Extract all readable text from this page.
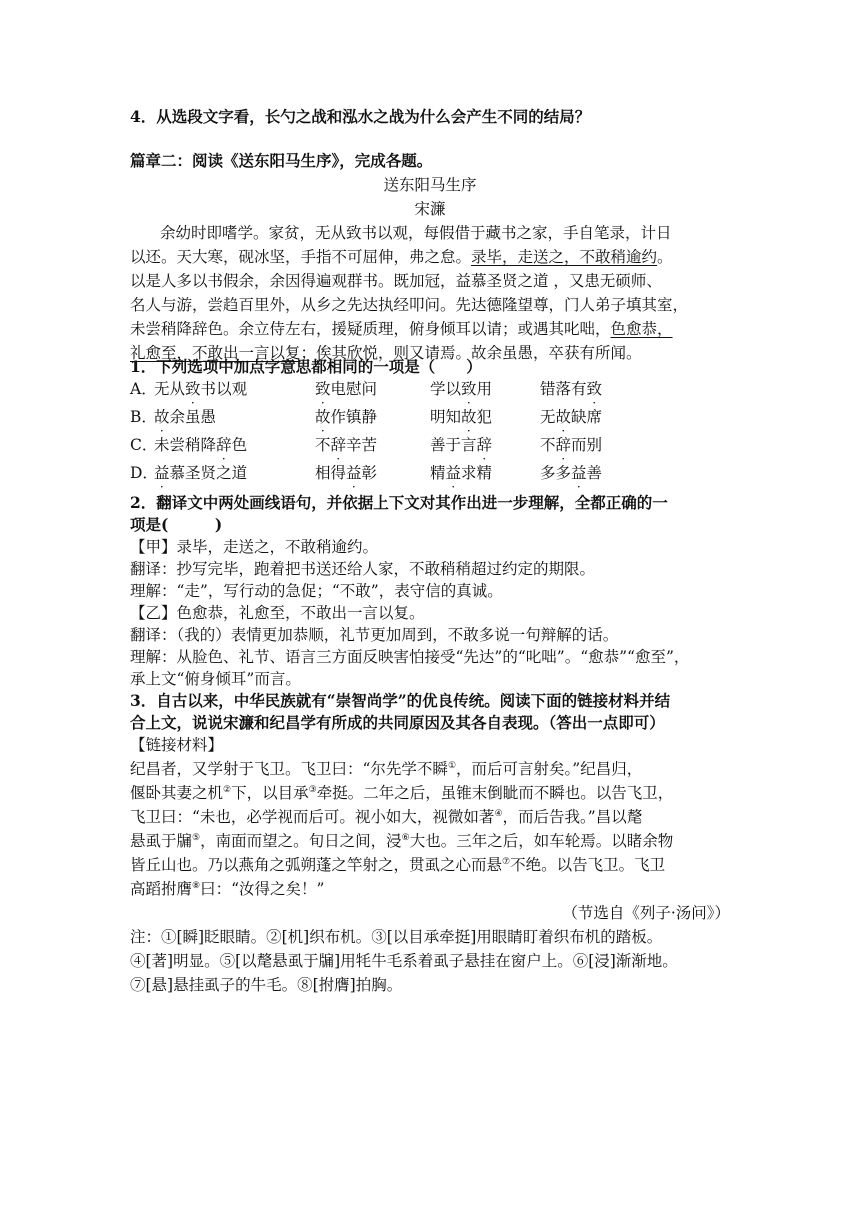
4．从选段文字看，长勺之战和泓水之战为什么会产生不同的结局？
篇章二：阅读《送东阳马生序》，完成各题。
送东阳马生序
宋濂
余幼时即嗜学。家贫，无从致书以观，每假借于藏书之家，手自笔录，计日
以还。天大寒，砚冰坚，手指不可屈伸，弗之怠。录毕，走送之，不敢稍逾约。
以是人多以书假余，余因得遍观群书。既加冠，益慕圣贤之道 ，又患无硕师、
名人与游，尝趋百里外，从乡之先达执经叩问。先达德隆望尊，门人弟子填其室，
未尝稍降辞色。余立侍左右，援疑质理，俯身倾耳以请；或遇其叱咄，色愈恭，
礼愈至，不敢出一言以复；俟其欣悦，则又请焉。故余虽愚，卒获有所闻。
1．下列选项中加点字意思都相同的一项是（　　）
A．
无从致书以观	致电慰问	学以致用	错落有致
B．
故余虽愚	故作镇静	明知故犯	无故缺席
C．
未尝稍降辞色	不辞辛苦	善于言辞	不辞而别
D．
益慕圣贤之道	相得益彰	精益求精	多多益善
2．翻译文中两处画线语句，并依据上下文对其作出进一步理解，全都正确的一
项是(　　　)
【甲】录毕，走送之，不敢稍逾约。
翻译：抄写完毕，跑着把书送还给人家，不敢稍稍超过约定的期限。
理解：“走”，写行动的急促；“不敢”，表守信的真诚。
【乙】色愈恭，礼愈至，不敢出一言以复。
翻译：（我的）表情更加恭顺，礼节更加周到，不敢多说一句辩解的话。
理解：从脸色、礼节、语言三方面反映害怕接受“先达”的“叱咄”。“愈恭”“愈至”，
承上文“俯身倾耳”而言。
3．自古以来，中华民族就有“崇智尚学”的优良传统。阅读下面的链接材料并结
合上文，说说宋濂和纪昌学有所成的共同原因及其各自表现。（答出一点即可）
【链接材料】
纪昌者，又学射于飞卫。飞卫曰：“尔先学不瞬①，而后可言射矣。”纪昌归，
偃卧其妻之机②下，以目承③牵挺。二年之后，虽锥末倒眦而不瞬也。以告飞卫，
飞卫曰：“未也，必学视而后可。视小如大，视微如著④，而后告我。”昌以氂
悬虱于牖⑤，南面而望之。旬日之间，浸⑥大也。三年之后，如车轮焉。以睹余物
皆丘山也。乃以燕角之弧朔蓬之竿射之，贯虱之心而悬⑦不绝。以告飞卫。飞卫
高蹈拊膺⑧曰：“汝得之矣！”
（节选自《列子·汤问》）
注：①[瞬]眨眼睛。②[机]织布机。③[以目承牵挺]用眼睛盯着织布机的踏板。
④[著]明显。⑤[以氂悬虱于牖]用牦牛毛系着虱子悬挂在窗户上。⑥[浸]渐渐地。
⑦[悬]悬挂虱子的牛毛。⑧[拊膺]拍胸。
